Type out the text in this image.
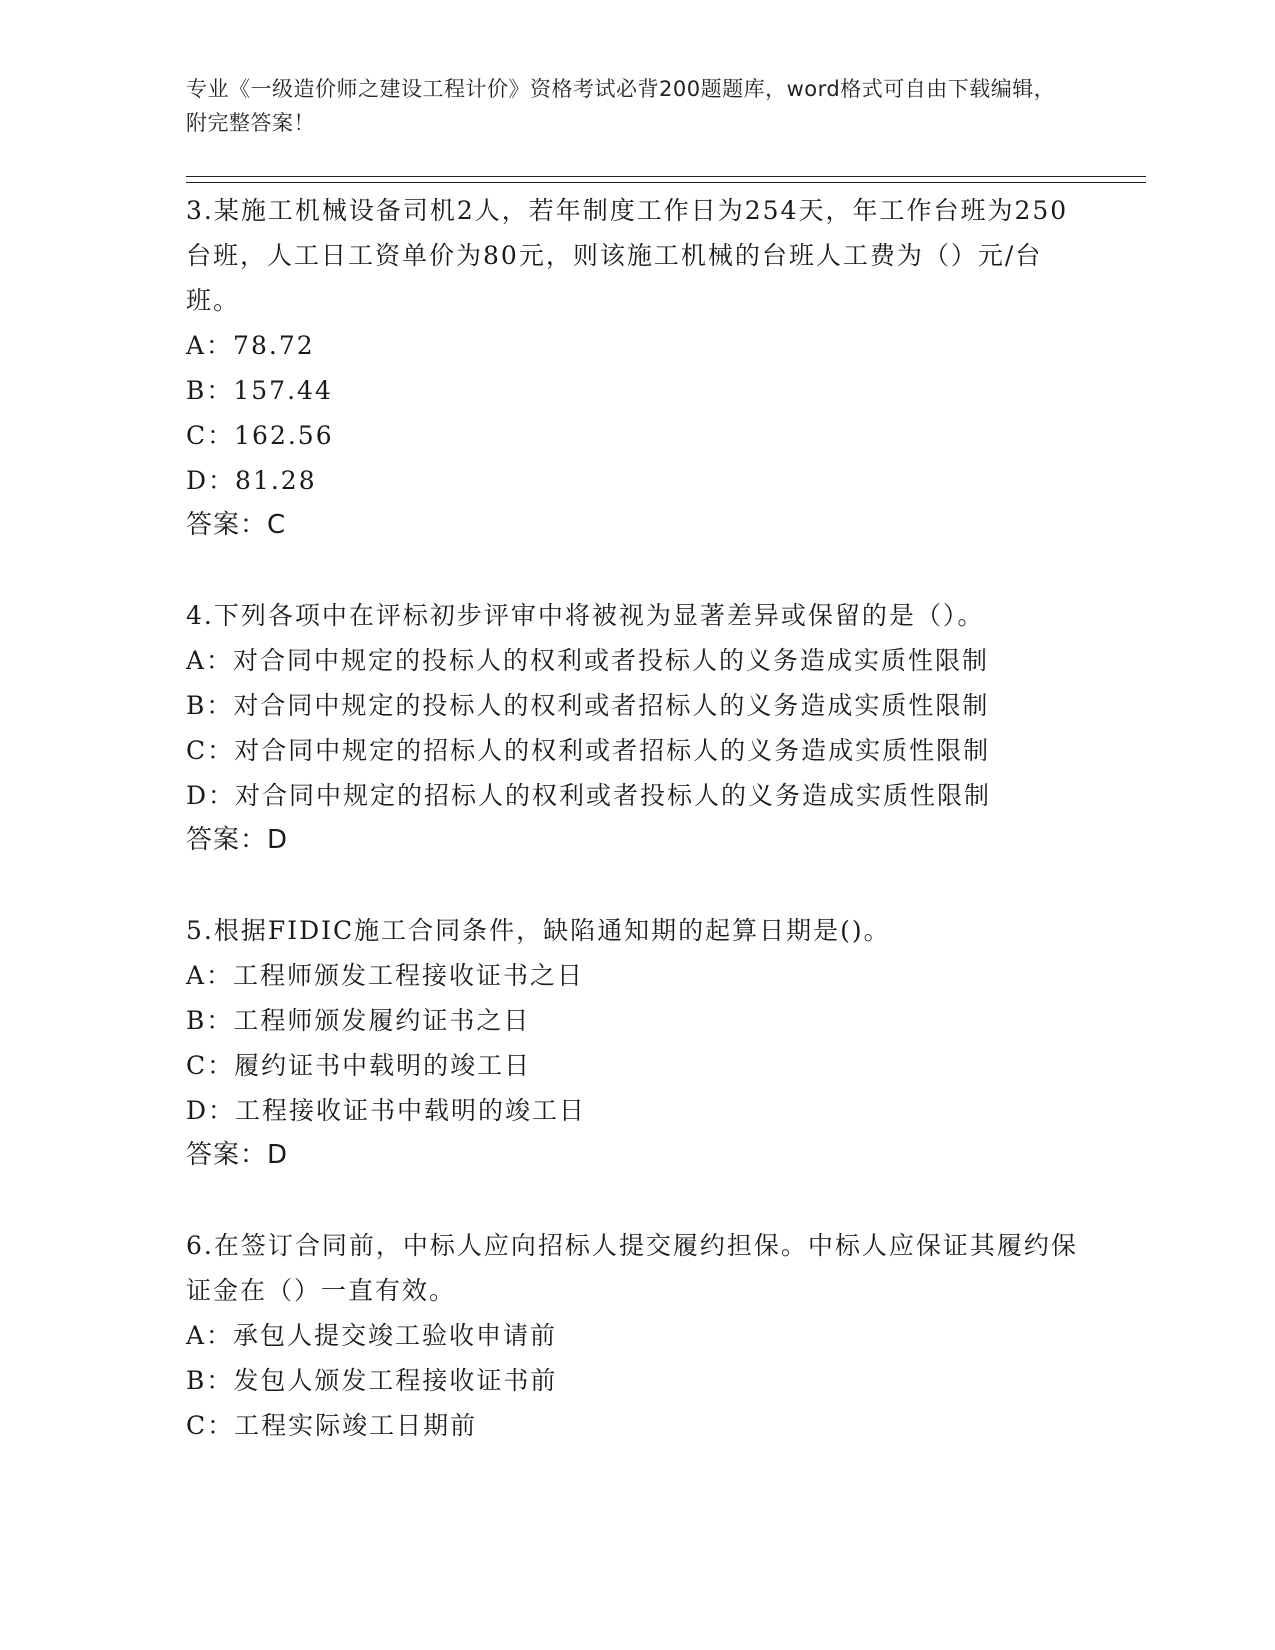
专业《一级造价师之建设工程计价》资格考试必背200题题库，word格式可自由下载编辑，附完整答案！

3.某施工机械设备司机2人，若年制度工作日为254天，年工作台班为250台班，人工日工资单价为80元，则该施工机械的台班人工费为（）元/台班。

A：78.72

B：157.44

C：162.56

D：81.28

答案：C

4.下列各项中在评标初步评审中将被视为显著差异或保留的是（）。

A：对合同中规定的投标人的权利或者投标人的义务造成实质性限制

B：对合同中规定的投标人的权利或者招标人的义务造成实质性限制

C：对合同中规定的招标人的权利或者招标人的义务造成实质性限制

D：对合同中规定的招标人的权利或者投标人的义务造成实质性限制

答案：D

5.根据FIDIC施工合同条件，缺陷通知期的起算日期是()。

A：工程师颁发工程接收证书之日

B：工程师颁发履约证书之日

C：履约证书中载明的竣工日

D：工程接收证书中载明的竣工日

答案：D

6.在签订合同前，中标人应向招标人提交履约担保。中标人应保证其履约保证金在（）一直有效。

A：承包人提交竣工验收申请前

B：发包人颁发工程接收证书前

C：工程实际竣工日期前
